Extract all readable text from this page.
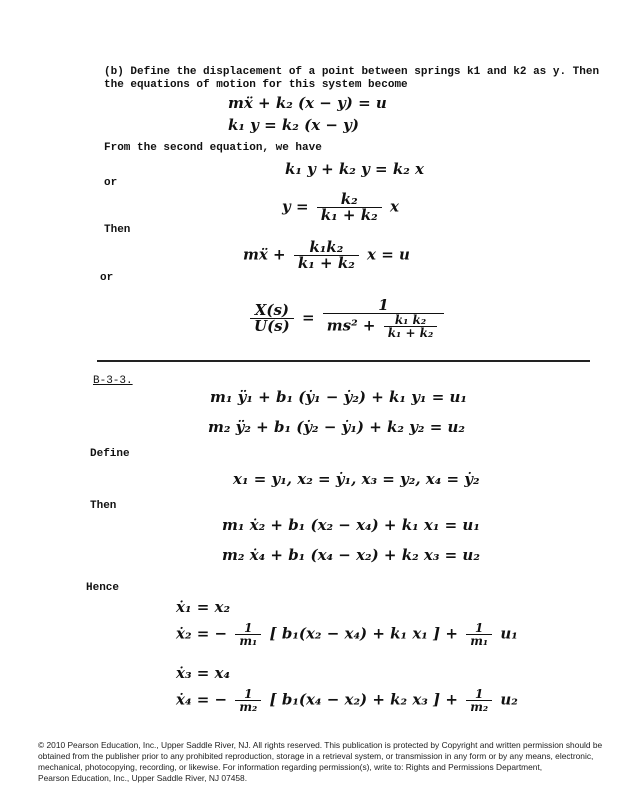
(b) Define the displacement of a point between springs k1 and k2 as y. Then
the equations of motion for this system become
mẍ + k₂ (x − y) = u
k₁ y = k₂ (x − y)
From the second equation, we have
k₁ y + k₂ y = k₂ x
or
$y = \frac{\text{k₂}}{\text{k₁ + k₂}}$ x
Then
mẍ + $\frac{\text{k₁k₂}}{\text{k₁ + k₂}}$ x = u
or
$\frac{X(s)}{U(s)} = \frac{1}{ms^2 + \frac{\text{k₁ k₂}}{\text{k₁ + k₂}}}$
B-3-3.
m₁ ÿ₁ + b₁ (ẏ₁ − ẏ₂) + k₁ y₁ = u₁
m₂ ÿ₂ + b₁ (ẏ₂ − ẏ₁) + k₂ y₂ = u₂
Define
x₁ = y₁, x₂ = ẏ₁, x₃ = y₂, x₄ = ẏ₂
Then
m₁ ẋ₂ + b₁ (x₂ − x₄) + k₁ x₁ = u₁
m₂ ẋ₄ + b₁ (x₄ − x₂) + k₂ x₃ = u₂
Hence
ẋ₁ = x₂
ẋ₂ = − $\frac{1}{\text{m₁}}$ [ b₁(x₂ − x₄) + k₁ x₁ ] + $\frac{1}{\text{m₁}} u_1$
ẋ₃ = x₄
ẋ₄ = − $\frac{1}{\text{m₂}}$ [ b₁(x₄ − x₂) + k₂ x₃ ] + $\frac{1}{\text{m₂}} u_2$
© 2010 Pearson Education, Inc., Upper Saddle River, NJ. All rights reserved. This publication is protected by Copyright and written permission should be
obtained from the publisher prior to any prohibited reproduction, storage in a retrieval system, or transmission in any form or by any means, electronic,
mechanical, photocopying, recording, or likewise. For information regarding permission(s), write to: Rights and Permissions Department,
Pearson Education, Inc., Upper Saddle River, NJ 07458.
